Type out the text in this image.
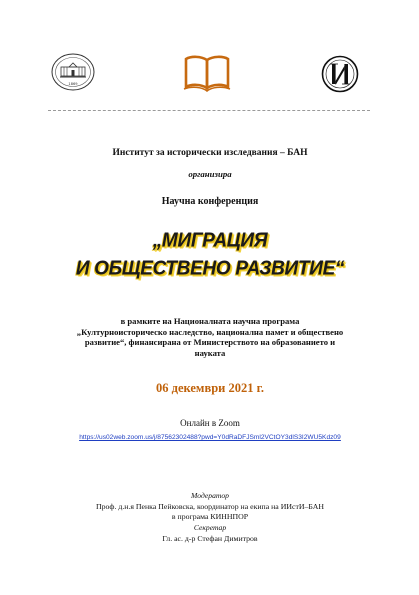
1869
Институт за исторически изследвания – БАН
организира
Научна конференция
„МИГРАЦИЯ
И ОБЩЕСТВЕНО РАЗВИТИЕ“
в рамките на Националната научна програма
„Културноисторическо наследство, национална памет и обществено
развитие“, финансирана от Министерството на образованието и
науката
06 декември 2021 г.
Онлайн в Zoom
https://us02web.zoom.us/j/87562302488?pwd=Y0dRaDFJSml2VCtOY3dlS3I2WU5Kdz09
Модератор
Проф. д.н.я Пенка Пейковска, координатор на екипа на ИИстИ–БАН
в програма КИННПОР
Секретар
Гл. ас. д-р Стефан Димитров
